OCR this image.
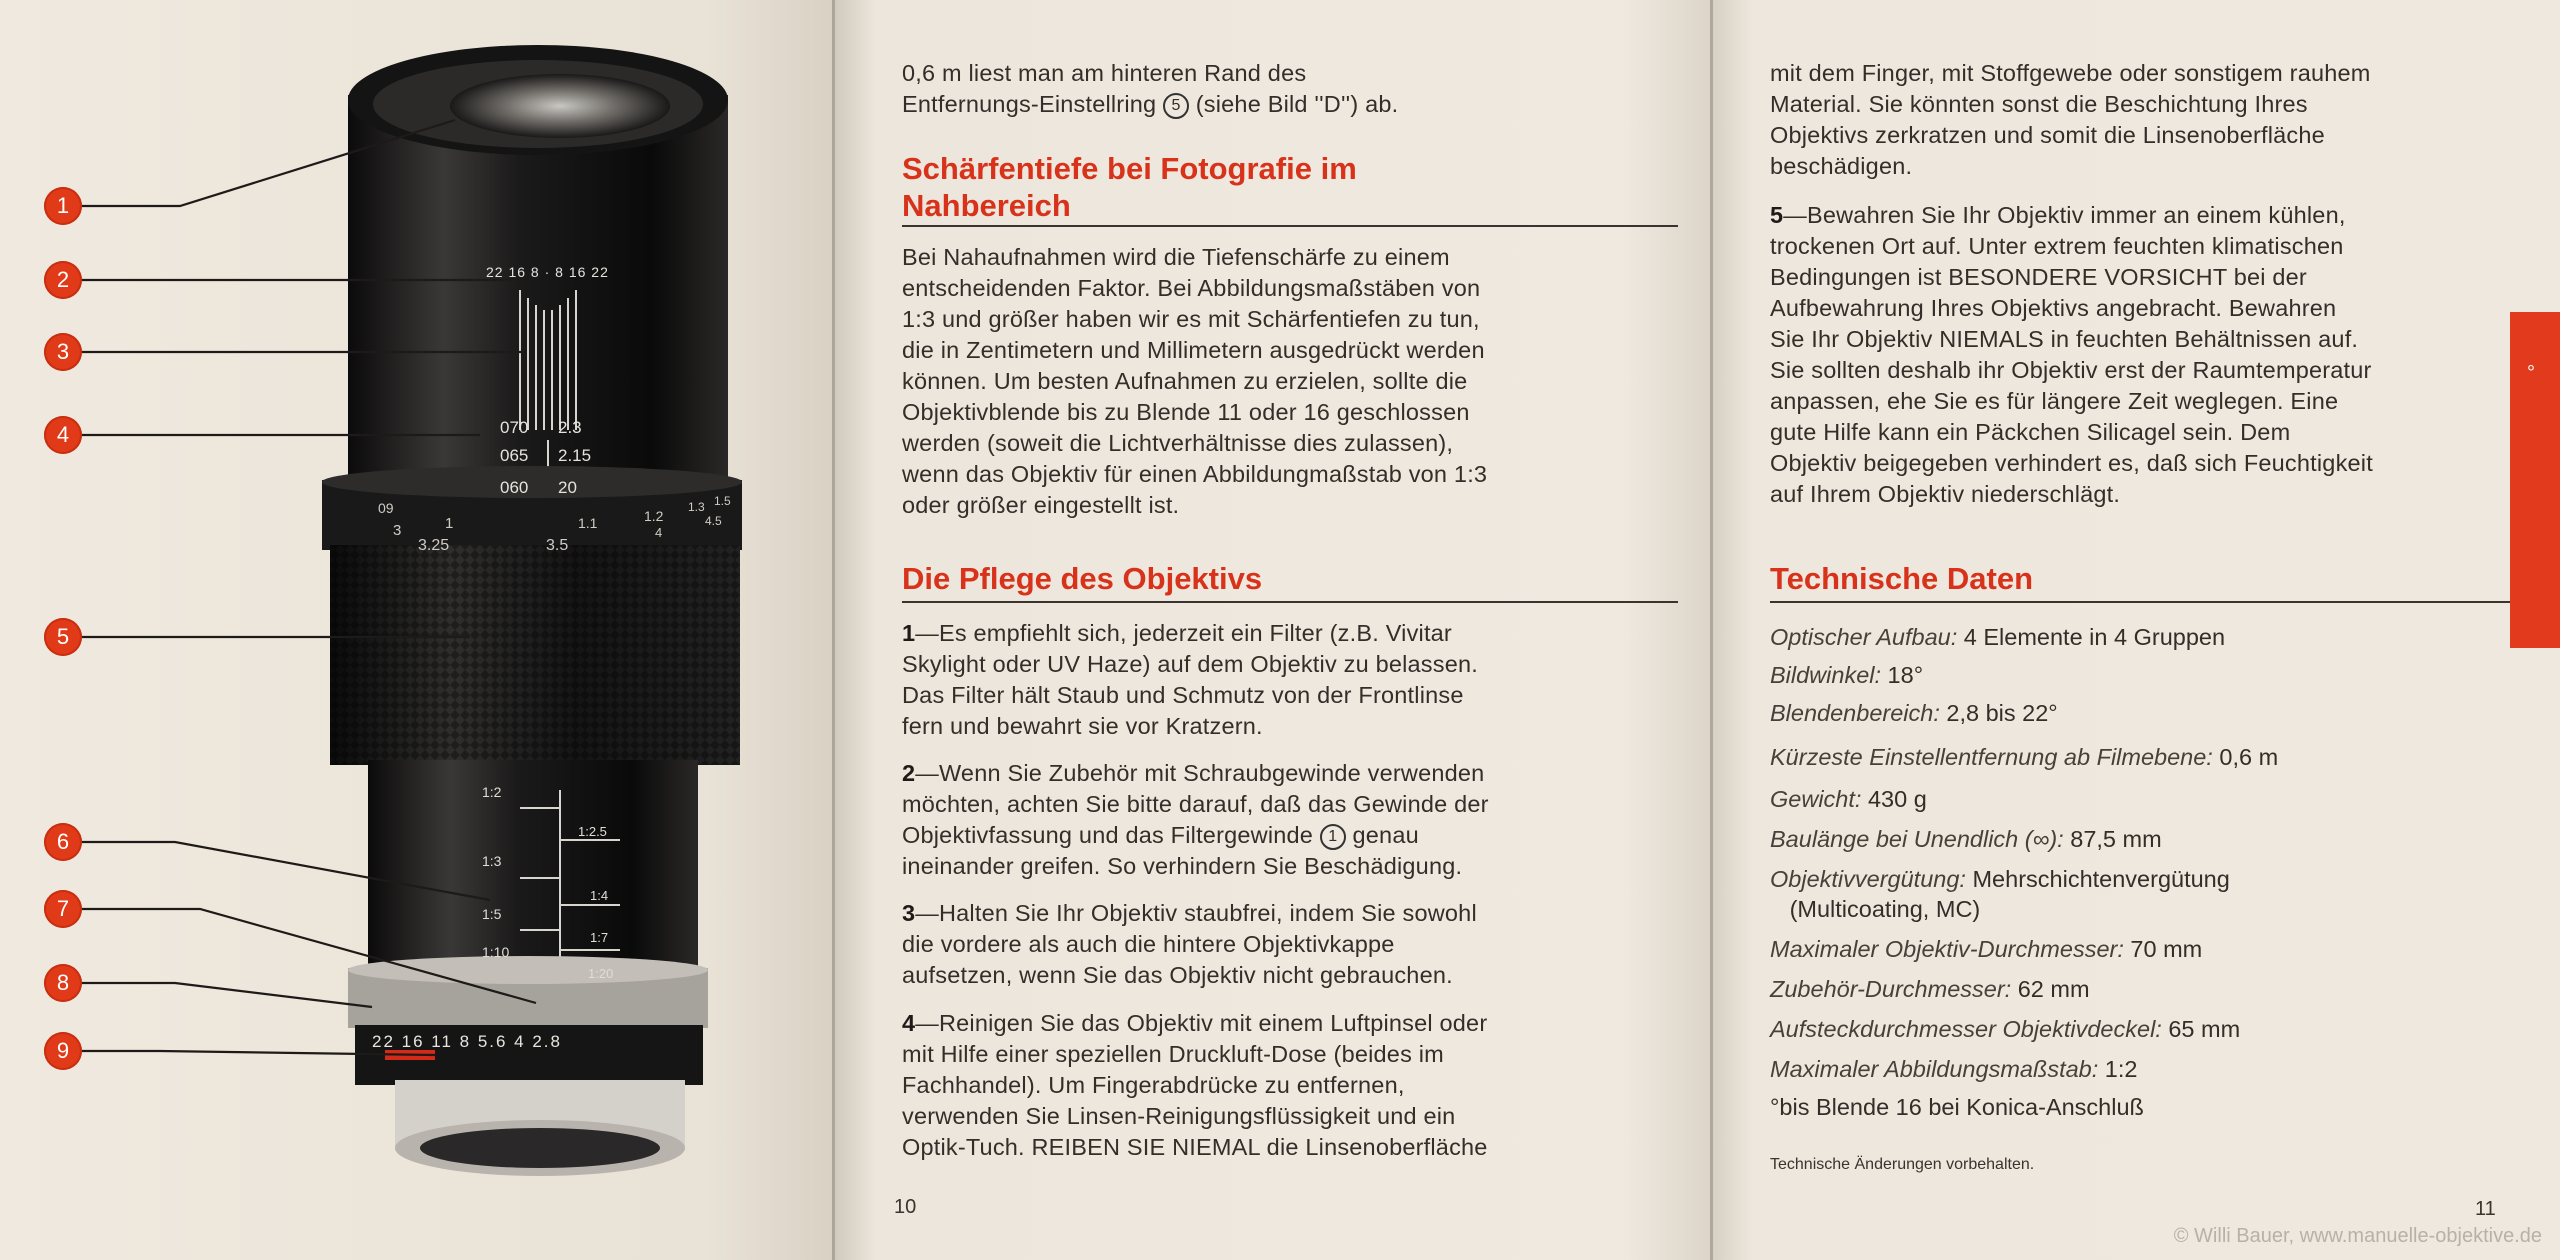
1
2
3
4
5
6
7
8
9
22 16 8 · 8 16 22
070 2.3
065 2.15
060 20
09
1	1.1	1.2
1.3 1.5
3
3.25	3.5
4
4.5
1:2
1:2.5
1:3
1:4
1:5
1:7
1:10
1:20
22 16 11 8 5.6 4 2.8
0,6 m liest man am hinteren Rand des
Entfernungs-Einstellring 5 (siehe Bild ''D'') ab.
Schärfentiefe bei Fotografie im
Nahbereich
Bei Nahaufnahmen wird die Tiefenschärfe zu einem
entscheidenden Faktor. Bei Abbildungsmaßstäben von
1:3 und größer haben wir es mit Schärfentiefen zu tun,
die in Zentimetern und Millimetern ausgedrückt werden
können. Um besten Aufnahmen zu erzielen, sollte die
Objektivblende bis zu Blende 11 oder 16 geschlossen
werden (soweit die Lichtverhältnisse dies zulassen),
wenn das Objektiv für einen Abbildungmaßstab von 1:3
oder größer eingestellt ist.
Die Pflege des Objektivs
1—Es empfiehlt sich, jederzeit ein Filter (z.B. Vivitar
Skylight oder UV Haze) auf dem Objektiv zu belassen.
Das Filter hält Staub und Schmutz von der Frontlinse
fern und bewahrt sie vor Kratzern.
2—Wenn Sie Zubehör mit Schraubgewinde verwenden
möchten, achten Sie bitte darauf, daß das Gewinde der
Objektivfassung und das Filtergewinde 1 genau
ineinander greifen. So verhindern Sie Beschädigung.
3—Halten Sie Ihr Objektiv staubfrei, indem Sie sowohl
die vordere als auch die hintere Objektivkappe
aufsetzen, wenn Sie das Objektiv nicht gebrauchen.
4—Reinigen Sie das Objektiv mit einem Luftpinsel oder
mit Hilfe einer speziellen Druckluft-Dose (beides im
Fachhandel). Um Fingerabdrücke zu entfernen,
verwenden Sie Linsen-Reinigungsflüssigkeit und ein
Optik-Tuch. REIBEN SIE NIEMAL die Linsenoberfläche
10
mit dem Finger, mit Stoffgewebe oder sonstigem rauhem
Material. Sie könnten sonst die Beschichtung Ihres
Objektivs zerkratzen und somit die Linsenoberfläche
beschädigen.
5—Bewahren Sie Ihr Objektiv immer an einem kühlen,
trockenen Ort auf. Unter extrem feuchten klimatischen
Bedingungen ist BESONDERE VORSICHT bei der
Aufbewahrung Ihres Objektivs angebracht. Bewahren
Sie Ihr Objektiv NIEMALS in feuchten Behältnissen auf.
Sie sollten deshalb ihr Objektiv erst der Raumtemperatur
anpassen, ehe Sie es für längere Zeit weglegen. Eine
gute Hilfe kann ein Päckchen Silicagel sein. Dem
Objektiv beigegeben verhindert es, daß sich Feuchtigkeit
auf Ihrem Objektiv niederschlägt.
Technische Daten
Optischer Aufbau: 4 Elemente in 4 Gruppen
Bildwinkel: 18°
Blendenbereich: 2,8 bis 22°
Kürzeste Einstellentfernung ab Filmebene: 0,6 m
Gewicht: 430 g
Baulänge bei Unendlich (∞): 87,5 mm
Objektivvergütung: Mehrschichtenvergütung
(Multicoating, MC)
Maximaler Objektiv-Durchmesser: 70 mm
Zubehör-Durchmesser: 62 mm
Aufsteckdurchmesser Objektivdeckel: 65 mm
Maximaler Abbildungsmaßstab: 1:2
°bis Blende 16 bei Konica-Anschluß
Technische Änderungen vorbehalten.
11
°
© Willi Bauer, www.manuelle-objektive.de
